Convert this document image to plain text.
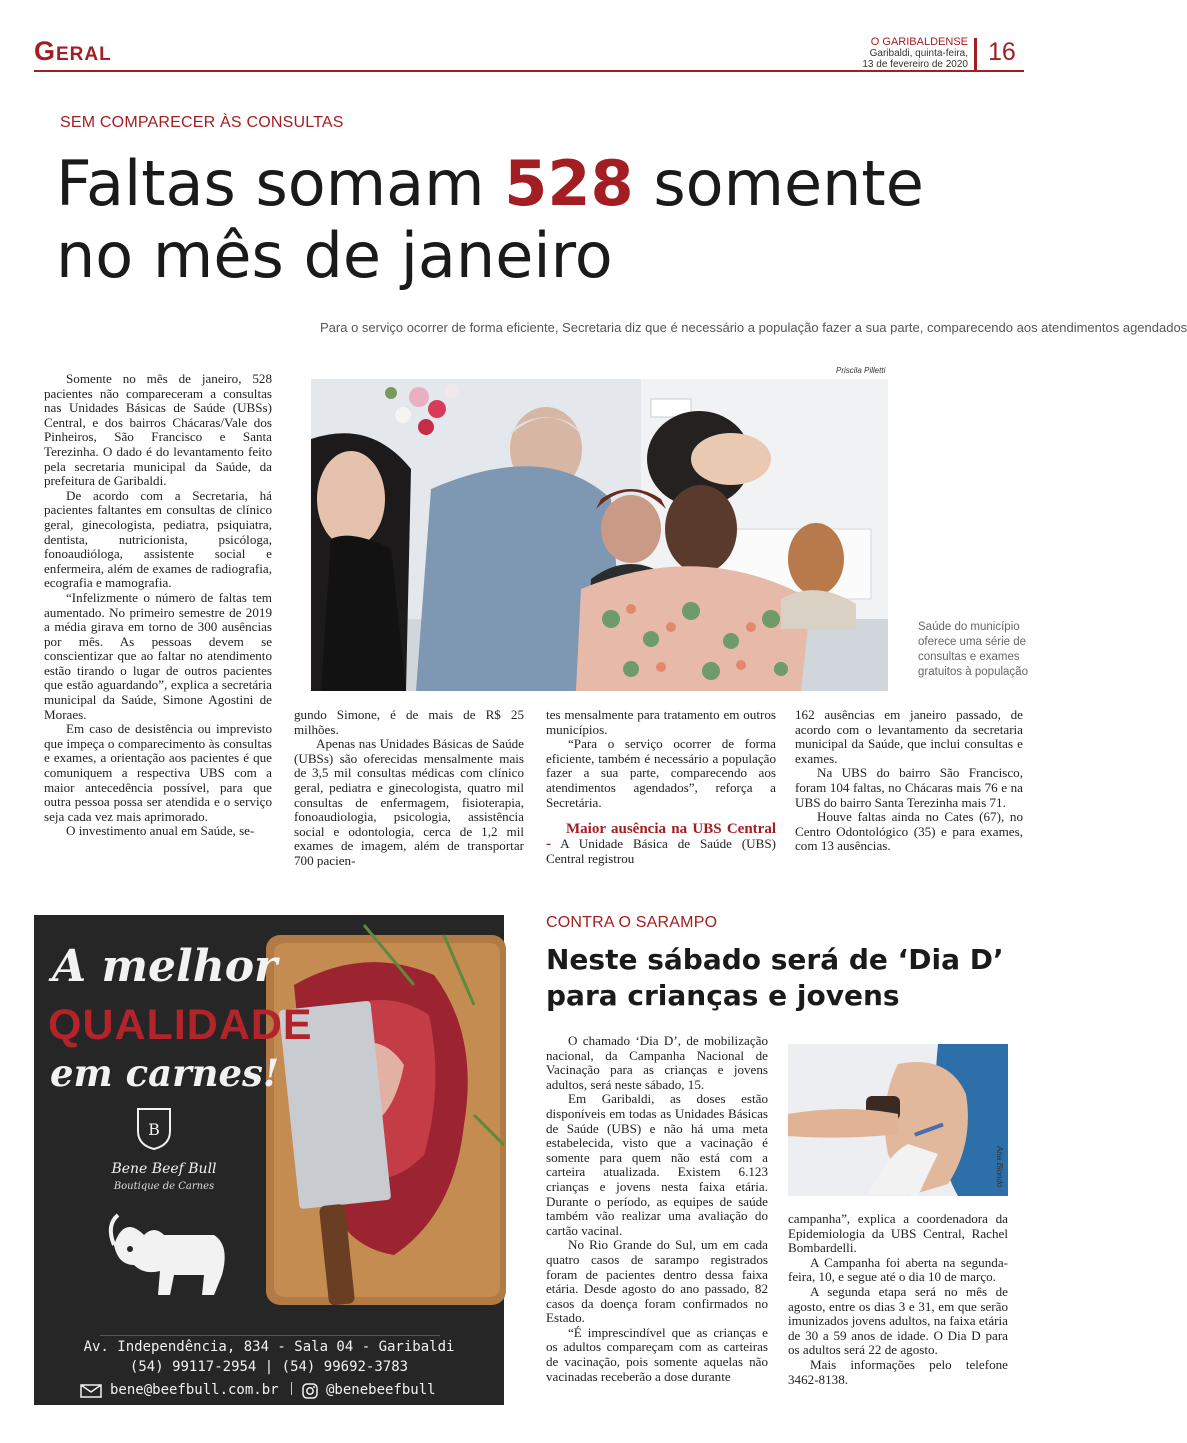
Geral	O GARIBALDENSE
Garibaldi, quinta-feira,
13 de fevereiro de 2020 16
SEM COMPARECER ÀS CONSULTAS
Faltas somam 528 somente
no mês de janeiro
Para o serviço ocorrer de forma eficiente, Secretaria diz que é necessário a população fazer a sua parte, comparecendo aos atendimentos agendados

Somente no mês de janeiro, 528 pacientes não compareceram a consultas nas Unidades Básicas de Saúde (UBSs) Central, e dos bairros Chácaras/Vale dos Pinheiros, São Francisco e Santa Terezinha. O dado é do levantamento feito pela secretaria municipal da Saúde, da prefeitura de Garibaldi.

De acordo com a Secretaria, há pacientes faltantes em consultas de clínico geral, ginecologista, pediatra, psiquiatra, dentista, nutricionista, psicóloga, fonoaudióloga, assistente social e enfermeira, além de exames de radiografia, ecografia e mamografia.

“Infelizmente o número de faltas tem aumentado. No primeiro semestre de 2019 a média girava em torno de 300 ausências por mês. As pessoas devem se conscientizar que ao faltar no atendimento estão tirando o lugar de outros pacientes que estão aguardando”, explica a secretária municipal da Saúde, Simone Agostini de Moraes.

Em caso de desistência ou imprevisto que impeça o comparecimento às consultas e exames, a orientação aos pacientes é que comuniquem a respectiva UBS com a maior antecedência possível, para que outra pessoa possa ser atendida e o serviço seja cada vez mais aprimorado.

O investimento anual em Saúde, se-

Priscila Pilletti
Saúde do município oferece uma série de consultas e exames gratuitos à população

gundo Simone, é de mais de R$ 25 milhões.

Apenas nas Unidades Básicas de Saúde (UBSs) são oferecidas mensalmente mais de 3,5 mil consultas médicas com clínico geral, pediatra e ginecologista, quatro mil consultas de enfermagem, fisioterapia, fonoaudiologia, psicologia, assistência social e odontologia, cerca de 1,2 mil exames de imagem, além de transportar 700 pacien-

tes mensalmente para tratamento em outros municípios.

“Para o serviço ocorrer de forma eficiente, também é necessário a população fazer a sua parte, comparecendo aos atendimentos agendados”, reforça a Secretária.

Maior ausência na UBS Central - A Unidade Básica de Saúde (UBS) Central registrou

162 ausências em janeiro passado, de acordo com o levantamento da secretaria municipal da Saúde, que inclui consultas e exames.

Na UBS do bairro São Francisco, foram 104 faltas, no Chácaras mais 76 e na UBS do bairro Santa Terezinha mais 71.

Houve faltas ainda no Cates (67), no Centro Odontológico (35) e para exames, com 13 ausências.

A melhor
QUALIDADE
em carnes!
B
Bene Beef Bull
Boutique de Carnes
Av. Independência, 834 - Sala 04 - Garibaldi
(54) 99117-2954 | (54) 99692-3783
bene@beefbull.com.br | @benebeefbull
CONTRA O SARAMPO
Neste sábado será de ‘Dia D’ para crianças e jovens

O chamado ‘Dia D’, de mobilização nacional, da Campanha Nacional de Vacinação para as crianças e jovens adultos, será neste sábado, 15.

Em Garibaldi, as doses estão disponíveis em todas as Unidades Básicas de Saúde (UBS) e não há uma meta estabelecida, visto que a vacinação é somente para quem não está com a carteira atualizada. Existem 6.123 crianças e jovens nesta faixa etária. Durante o período, as equipes de saúde também vão realizar uma avaliação do cartão vacinal.

No Rio Grande do Sul, um em cada quatro casos de sarampo registrados foram de pacientes dentro dessa faixa etária. Desde agosto do ano passado, 82 casos da doença foram confirmados no Estado.

“É imprescindível que as crianças e os adultos compareçam com as carteiras de vacinação, pois somente aquelas não vacinadas receberão a dose durante

Ana Biondo

campanha”, explica a coordenadora da Epidemiologia da UBS Central, Rachel Bombardelli.

A Campanha foi aberta na segunda-feira, 10, e segue até o dia 10 de março.

A segunda etapa será no mês de agosto, entre os dias 3 e 31, em que serão imunizados jovens adultos, na faixa etária de 30 a 59 anos de idade. O Dia D para os adultos será 22 de agosto.

Mais informações pelo telefone 3462-8138.
